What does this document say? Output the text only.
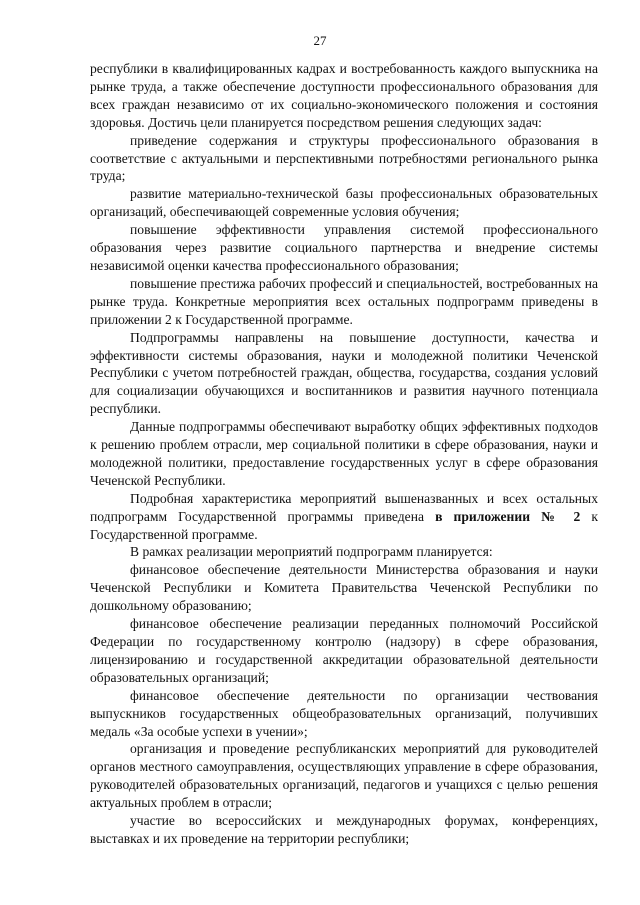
27

республики в квалифицированных кадрах и востребованность каждого выпускника на рынке труда, а также обеспечение доступности профессионального образования для всех граждан независимо от их социально-экономического положения и состояния здоровья. Достичь цели планируется посредством решения следующих задач:

приведение содержания и структуры профессионального образования в соответствие с актуальными и перспективными потребностями регионального рынка труда;

развитие материально-технической базы профессиональных образовательных организаций, обеспечивающей современные условия обучения;

повышение эффективности управления системой профессионального образования через развитие социального партнерства и внедрение системы независимой оценки качества профессионального образования;

повышение престижа рабочих профессий и специальностей, востребованных на рынке труда. Конкретные мероприятия всех остальных подпрограмм приведены в приложении 2 к Государственной программе.

Подпрограммы направлены на повышение доступности, качества и эффективности системы образования, науки и молодежной политики Чеченской Республики с учетом потребностей граждан, общества, государства, создания условий для социализации обучающихся и воспитанников и развития научного потенциала республики.

Данные подпрограммы обеспечивают выработку общих эффективных подходов к решению проблем отрасли, мер социальной политики в сфере образования, науки и молодежной политики, предоставление государственных услуг в сфере образования Чеченской Республики.

Подробная характеристика мероприятий вышеназванных и всех остальных подпрограмм Государственной программы приведена в приложении № 2 к Государственной программе.

В рамках реализации мероприятий подпрограмм планируется:

финансовое обеспечение деятельности Министерства образования и науки Чеченской Республики и Комитета Правительства Чеченской Республики по дошкольному образованию;

финансовое обеспечение реализации переданных полномочий Российской Федерации по государственному контролю (надзору) в сфере образования, лицензированию и государственной аккредитации образовательной деятельности образовательных организаций;

финансовое обеспечение деятельности по организации чествования выпускников государственных общеобразовательных организаций, получивших медаль «За особые успехи в учении»;

организация и проведение республиканских мероприятий для руководителей органов местного самоуправления, осуществляющих управление в сфере образования, руководителей образовательных организаций, педагогов и учащихся с целью решения актуальных проблем в отрасли;

участие во всероссийских и международных форумах, конференциях, выставках и их проведение на территории республики;
